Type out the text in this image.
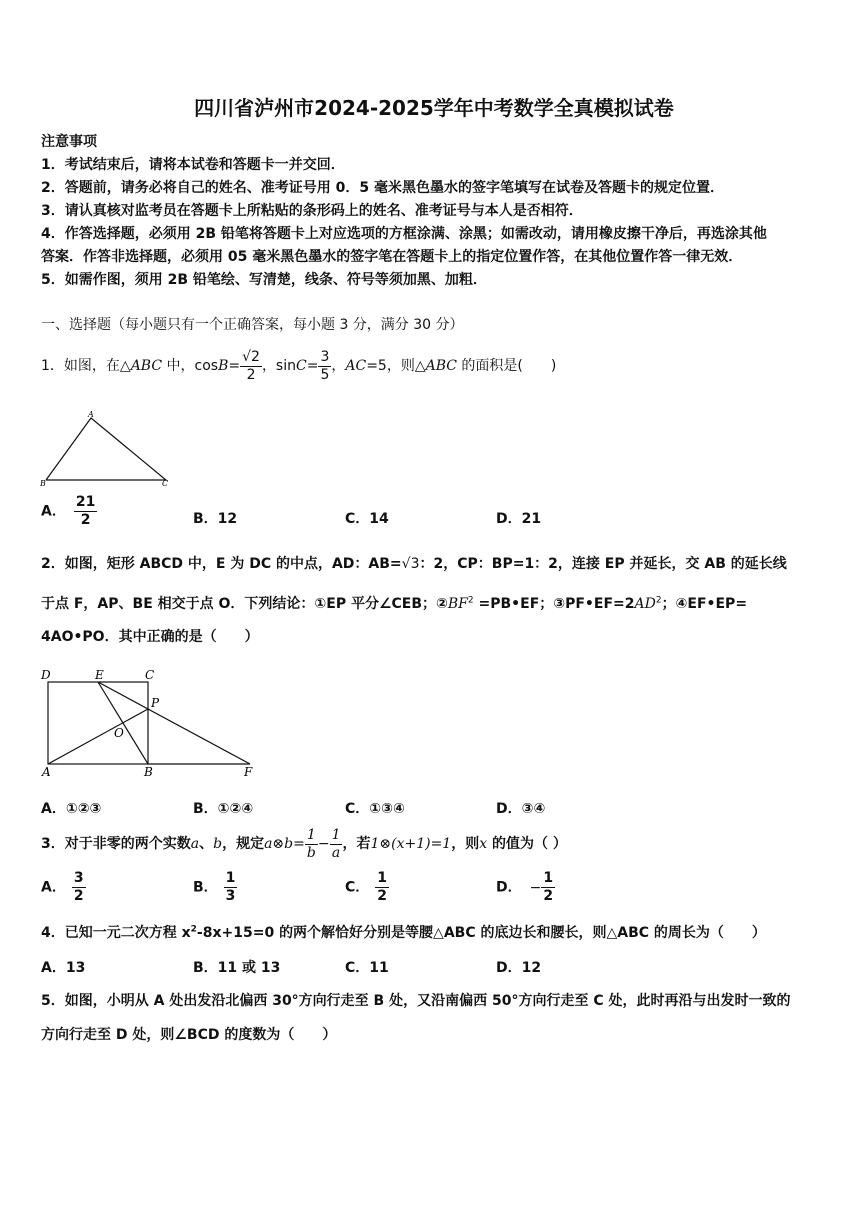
四川省泸州市2024-2025学年中考数学全真模拟试卷
注意事项
1．考试结束后，请将本试卷和答题卡一并交回．
2．答题前，请务必将自己的姓名、准考证号用 0．5 毫米黑色墨水的签字笔填写在试卷及答题卡的规定位置．
3．请认真核对监考员在答题卡上所粘贴的条形码上的姓名、准考证号与本人是否相符．
4．作答选择题，必须用 2B 铅笔将答题卡上对应选项的方框涂满、涂黑；如需改动，请用橡皮擦干净后，再选涂其他
答案．作答非选择题，必须用 05 毫米黑色墨水的签字笔在答题卡上的指定位置作答，在其他位置作答一律无效．
5．如需作图，须用 2B 铅笔绘、写清楚，线条、符号等须加黑、加粗．
一、选择题（每小题只有一个正确答案，每小题 3 分，满分 30 分）
1．如图，在△ABC 中，$\cos B= \frac{√2}{2}$ ，$\sin C= \frac{3}{5}$ ，AC=5，则△ABC 的面积是(　　)
A
B	C
A． $\frac{21}{2}$	B．12	C．14	D．21
2．如图，矩形 ABCD 中，E 为 DC 的中点，AD：AB=√3：2，CP：BP=1：2，连接 EP 并延长，交 AB 的延长线
于点 F，AP、BE 相交于点 O．下列结论：①EP 平分∠CEB；$②BF^2$ =PB•EF；$③PF•EF=2AD^2$；④EF•EP=
4AO•PO．其中正确的是（　　）
D	E	C
P
O
A	B	F
A．①②③	B．①②④	C．①③④	D．③④
3．对于非零的两个实数a、b，规定a⊗b= $\frac{1}{b} - \frac{1}{a}$ ，若1⊗(x+1)=1，则x 的值为（ ）
A． $\frac{3}{2}$	B． $\frac{1}{3}$	C． $\frac{1}{2}$	D． − $\frac{1}{2}$
4．已知一元二次方程 $x^2-8x+15=0$ 的两个解恰好分别是等腰△ABC 的底边长和腰长，则△ABC 的周长为（　　）
A．13	B．11 或 13	C．11	D．12
5．如图，小明从 A 处出发沿北偏西 30°方向行走至 B 处，又沿南偏西 50°方向行走至 C 处，此时再沿与出发时一致的
方向行走至 D 处，则∠BCD 的度数为（　　）
